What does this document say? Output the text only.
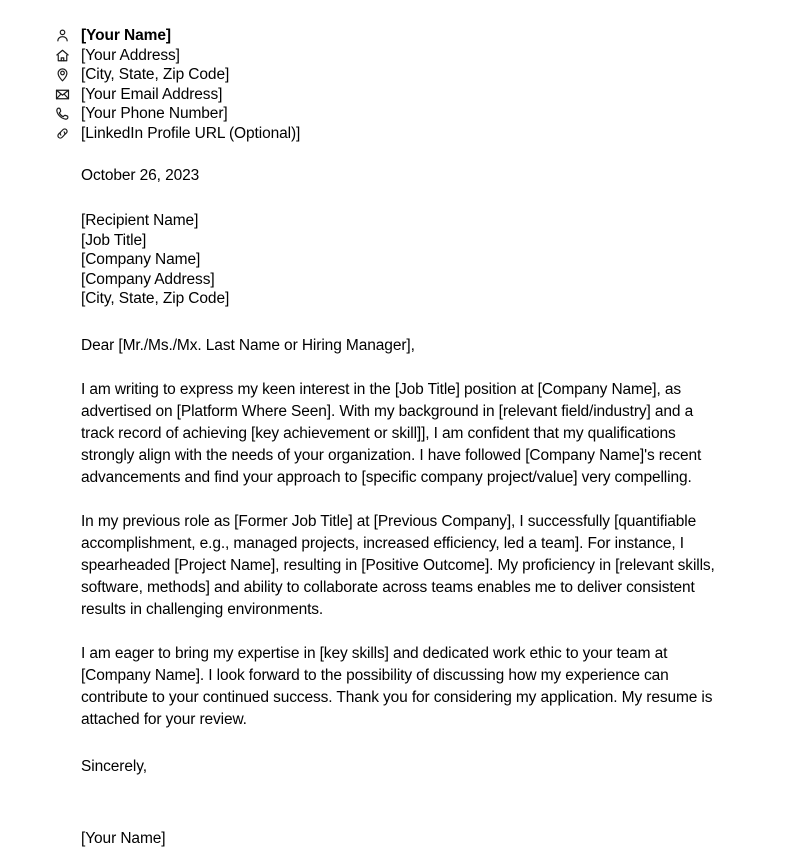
[Your Name]
[Your Address]
[City, State, Zip Code]
[Your Email Address]
[Your Phone Number]
[LinkedIn Profile URL (Optional)]
October 26, 2023
[Recipient Name]
[Job Title]
[Company Name]
[Company Address]
[City, State, Zip Code]
Dear [Mr./Ms./Mx. Last Name or Hiring Manager],

I am writing to express my keen interest in the [Job Title] position at [Company Name], as advertised on [Platform Where Seen]. With my background in [relevant field/industry] and a track record of achieving [key achievement or skill]], I am confident that my qualifications strongly align with the needs of your organization. I have followed [Company Name]'s recent advancements and find your approach to [specific company project/value] very compelling.

In my previous role as [Former Job Title] at [Previous Company], I successfully [quantifiable accomplishment, e.g., managed projects, increased efficiency, led a team]. For instance, I spearheaded [Project Name], resulting in [Positive Outcome]. My proficiency in [relevant skills, software, methods] and ability to collaborate across teams enables me to deliver consistent results in challenging environments.

I am eager to bring my expertise in [key skills] and dedicated work ethic to your team at [Company Name]. I look forward to the possibility of discussing how my experience can contribute to your continued success. Thank you for considering my application. My resume is attached for your review.

Sincerely,
[Your Name]
